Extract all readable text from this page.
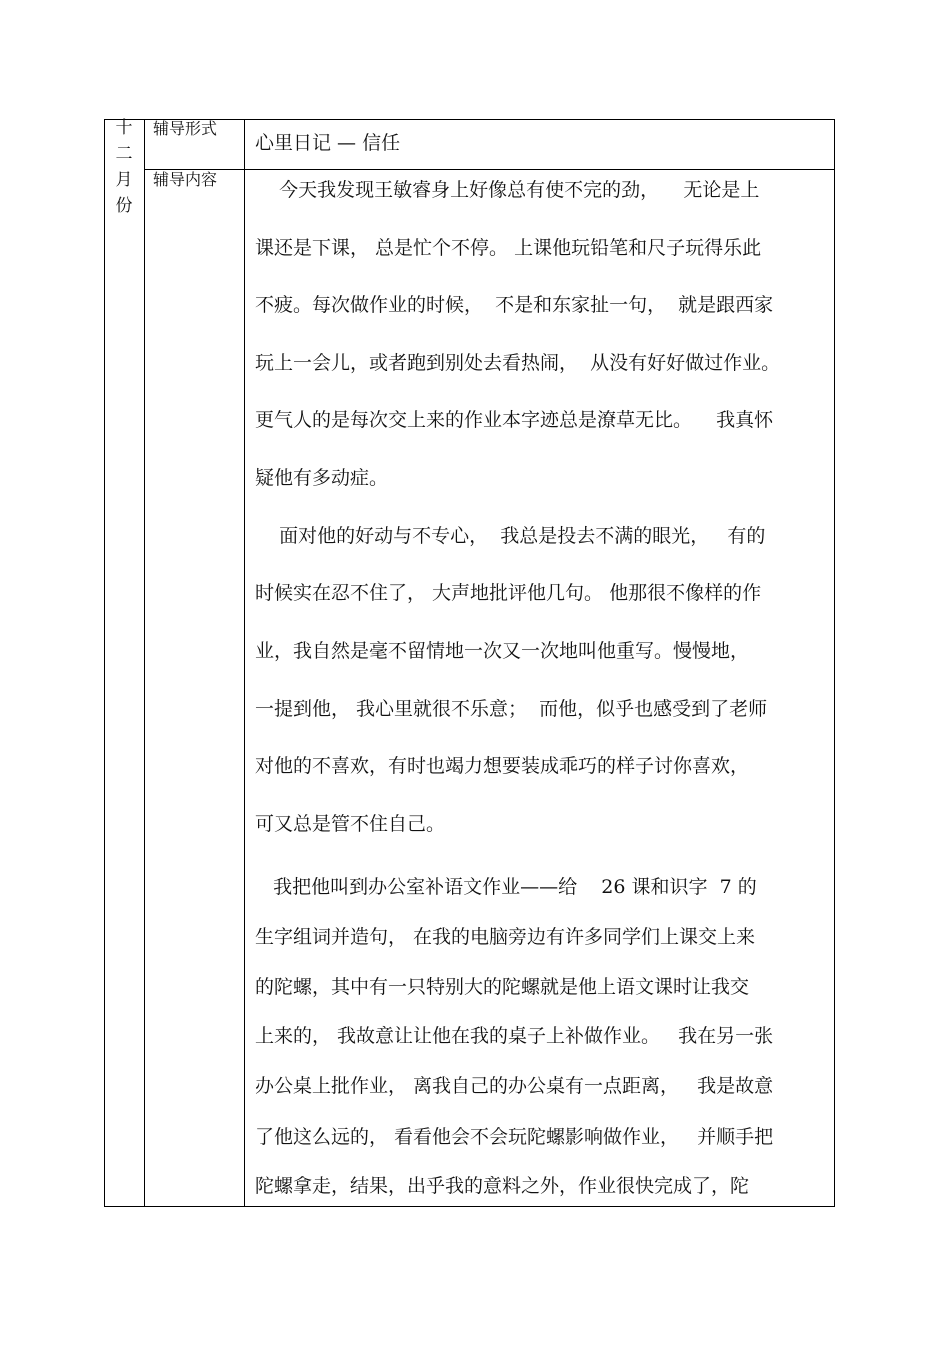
十
二
月
份
辅导形式
辅导内容
心里日记 — 信任
今天我发现王敏睿身上好像总有使不完的劲，    无论是上
课还是下课， 总是忙个不停。 上课他玩铅笔和尺子玩得乐此
不疲。每次做作业的时候，  不是和东家扯一句，  就是跟西家
玩上一会儿，或者跑到别处去看热闹，  从没有好好做过作业。
更气人的是每次交上来的作业本字迹总是潦草无比。    我真怀
疑他有多动症。
面对他的好动与不专心，  我总是投去不满的眼光，   有的
时候实在忍不住了， 大声地批评他几句。 他那很不像样的作
业，我自然是毫不留情地一次又一次地叫他重写。慢慢地，
一提到他， 我心里就很不乐意；  而他，似乎也感受到了老师
对他的不喜欢，有时也竭力想要装成乖巧的样子讨你喜欢，
可又总是管不住自己。
我把他叫到办公室补语文作业——给    26 课和识字  7 的
生字组词并造句， 在我的电脑旁边有许多同学们上课交上来
的陀螺，其中有一只特别大的陀螺就是他上语文课时让我交
上来的， 我故意让让他在我的桌子上补做作业。   我在另一张
办公桌上批作业， 离我自己的办公桌有一点距离，   我是故意
了他这么远的， 看看他会不会玩陀螺影响做作业，   并顺手把
陀螺拿走，结果，出乎我的意料之外，作业很快完成了，陀
